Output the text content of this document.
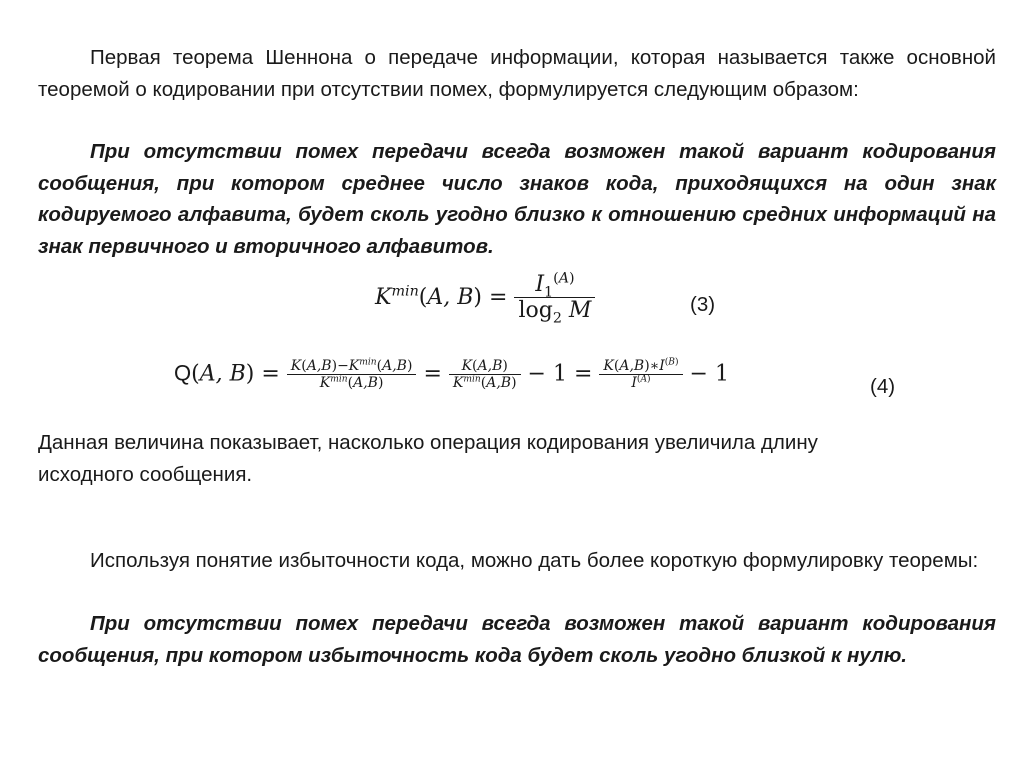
Первая теорема Шеннона о передаче информации, которая называется также основной теоремой о кодировании при отсутствии помех, формулируется следующим образом:

При отсутствии помех передачи всегда возможен такой вариант кодирования сообщения, при котором среднее число знаков кода, приходящихся на один знак кодируемого алфавита, будет сколь угодно близко к отношению средних информаций на знак первичного и вторичного алфавитов.

$K^{min}(A$, $B) = \frac{I_1^{(A)}}{\log_2 M}$	(3)
Q(A, $B) = \frac{K(A,B)-K^{min}(A,B)}{K^{min}(A,B)} = \frac{K(A,B)}{K^{min}(A,B)} - 1 = \frac{K(A,B)∗I^{(B)}}{I^{(A)}} - 1$	(4)

Данная величина показывает, насколько операция кодирования увеличила длину исходного сообщения.

Используя понятие избыточности кода, можно дать более короткую формулировку теоремы:

При отсутствии помех передачи всегда возможен такой вариант кодирования сообщения, при котором избыточность кода будет сколь угодно близкой к нулю.
